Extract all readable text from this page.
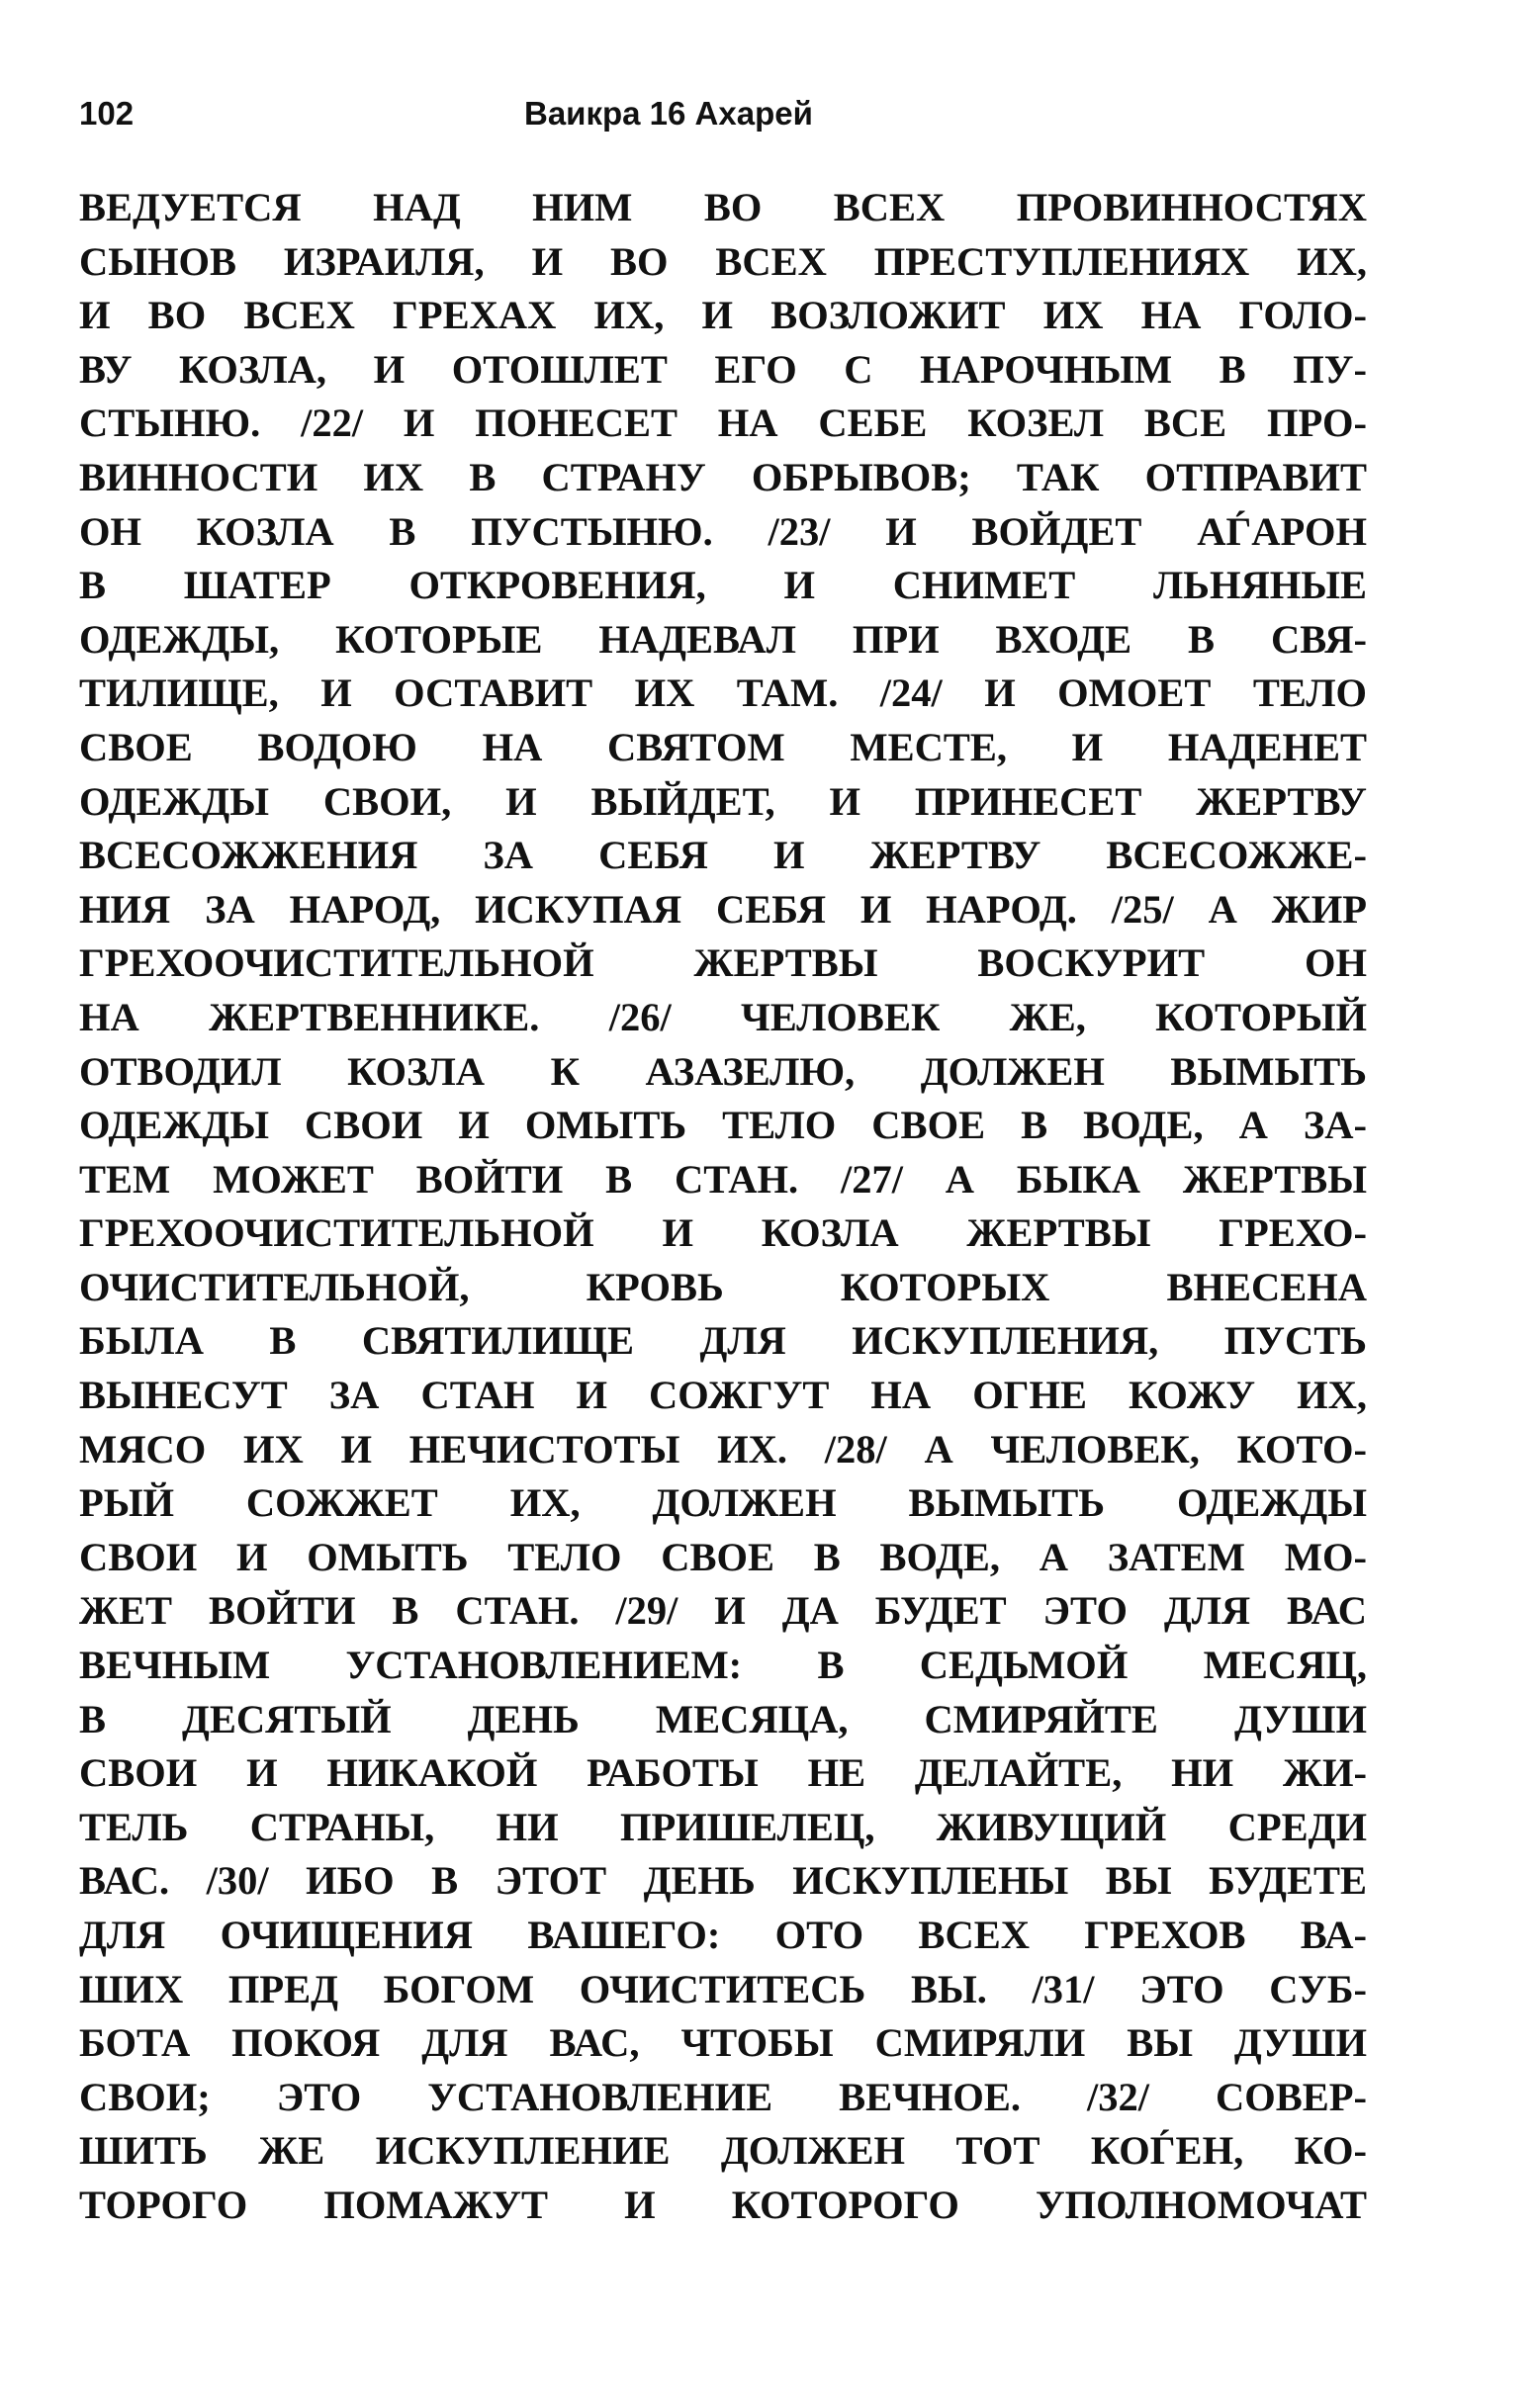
102	Ваикра 16 Ахарей
ВЕДУЕТСЯ НАД НИМ ВО ВСЕХ ПРОВИННОСТЯХ
СЫНОВ ИЗРАИЛЯ, И ВО ВСЕХ ПРЕСТУПЛЕНИЯХ ИХ,
И ВО ВСЕХ ГРЕХАХ ИХ, И ВОЗЛОЖИТ ИХ НА ГОЛО-
ВУ КОЗЛА, И ОТОШЛЕТ ЕГО С НАРОЧНЫМ В ПУ-
СТЫНЮ. /22/ И ПОНЕСЕТ НА СЕБЕ КОЗЕЛ ВСЕ ПРО-
ВИННОСТИ ИХ В СТРАНУ ОБРЫВОВ; ТАК ОТПРАВИТ
ОН КОЗЛА В ПУСТЫНЮ. /23/ И ВОЙДЕТ АЃАРОН
В ШАТЕР ОТКРОВЕНИЯ, И СНИМЕТ ЛЬНЯНЫЕ
ОДЕЖДЫ, КОТОРЫЕ НАДЕВАЛ ПРИ ВХОДЕ В СВЯ-
ТИЛИЩЕ, И ОСТАВИТ ИХ ТАМ. /24/ И ОМОЕТ ТЕЛО
СВОЕ ВОДОЮ НА СВЯТОМ МЕСТЕ, И НАДЕНЕТ
ОДЕЖДЫ СВОИ, И ВЫЙДЕТ, И ПРИНЕСЕТ ЖЕРТВУ
ВСЕСОЖЖЕНИЯ ЗА СЕБЯ И ЖЕРТВУ ВСЕСОЖЖЕ-
НИЯ ЗА НАРОД, ИСКУПАЯ СЕБЯ И НАРОД. /25/ А ЖИР
ГРЕХООЧИСТИТЕЛЬНОЙ ЖЕРТВЫ ВОСКУРИТ ОН
НА ЖЕРТВЕННИКЕ. /26/ ЧЕЛОВЕК ЖЕ, КОТОРЫЙ
ОТВОДИЛ КОЗЛА К АЗАЗЕЛЮ, ДОЛЖЕН ВЫМЫТЬ
ОДЕЖДЫ СВОИ И ОМЫТЬ ТЕЛО СВОЕ В ВОДЕ, А ЗА-
ТЕМ МОЖЕТ ВОЙТИ В СТАН. /27/ А БЫКА ЖЕРТВЫ
ГРЕХООЧИСТИТЕЛЬНОЙ И КОЗЛА ЖЕРТВЫ ГРЕХО-
ОЧИСТИТЕЛЬНОЙ, КРОВЬ КОТОРЫХ ВНЕСЕНА
БЫЛА В СВЯТИЛИЩЕ ДЛЯ ИСКУПЛЕНИЯ, ПУСТЬ
ВЫНЕСУТ ЗА СТАН И СОЖГУТ НА ОГНЕ КОЖУ ИХ,
МЯСО ИХ И НЕЧИСТОТЫ ИХ. /28/ А ЧЕЛОВЕК, КОТО-
РЫЙ СОЖЖЕТ ИХ, ДОЛЖЕН ВЫМЫТЬ ОДЕЖДЫ
СВОИ И ОМЫТЬ ТЕЛО СВОЕ В ВОДЕ, А ЗАТЕМ МО-
ЖЕТ ВОЙТИ В СТАН. /29/ И ДА БУДЕТ ЭТО ДЛЯ ВАС
ВЕЧНЫМ УСТАНОВЛЕНИЕМ: В СЕДЬМОЙ МЕСЯЦ,
В ДЕСЯТЫЙ ДЕНЬ МЕСЯЦА, СМИРЯЙТЕ ДУШИ
СВОИ И НИКАКОЙ РАБОТЫ НЕ ДЕЛАЙТЕ, НИ ЖИ-
ТЕЛЬ СТРАНЫ, НИ ПРИШЕЛЕЦ, ЖИВУЩИЙ СРЕДИ
ВАС. /30/ ИБО В ЭТОТ ДЕНЬ ИСКУПЛЕНЫ ВЫ БУДЕТЕ
ДЛЯ ОЧИЩЕНИЯ ВАШЕГО: ОТО ВСЕХ ГРЕХОВ ВА-
ШИХ ПРЕД БОГОМ ОЧИСТИТЕСЬ ВЫ. /31/ ЭТО СУБ-
БОТА ПОКОЯ ДЛЯ ВАС, ЧТОБЫ СМИРЯЛИ ВЫ ДУШИ
СВОИ; ЭТО УСТАНОВЛЕНИЕ ВЕЧНОЕ. /32/ СОВЕР-
ШИТЬ ЖЕ ИСКУПЛЕНИЕ ДОЛЖЕН ТОТ КОЃЕН, КО-
ТОРОГО ПОМАЖУТ И КОТОРОГО УПОЛНОМОЧАТ
